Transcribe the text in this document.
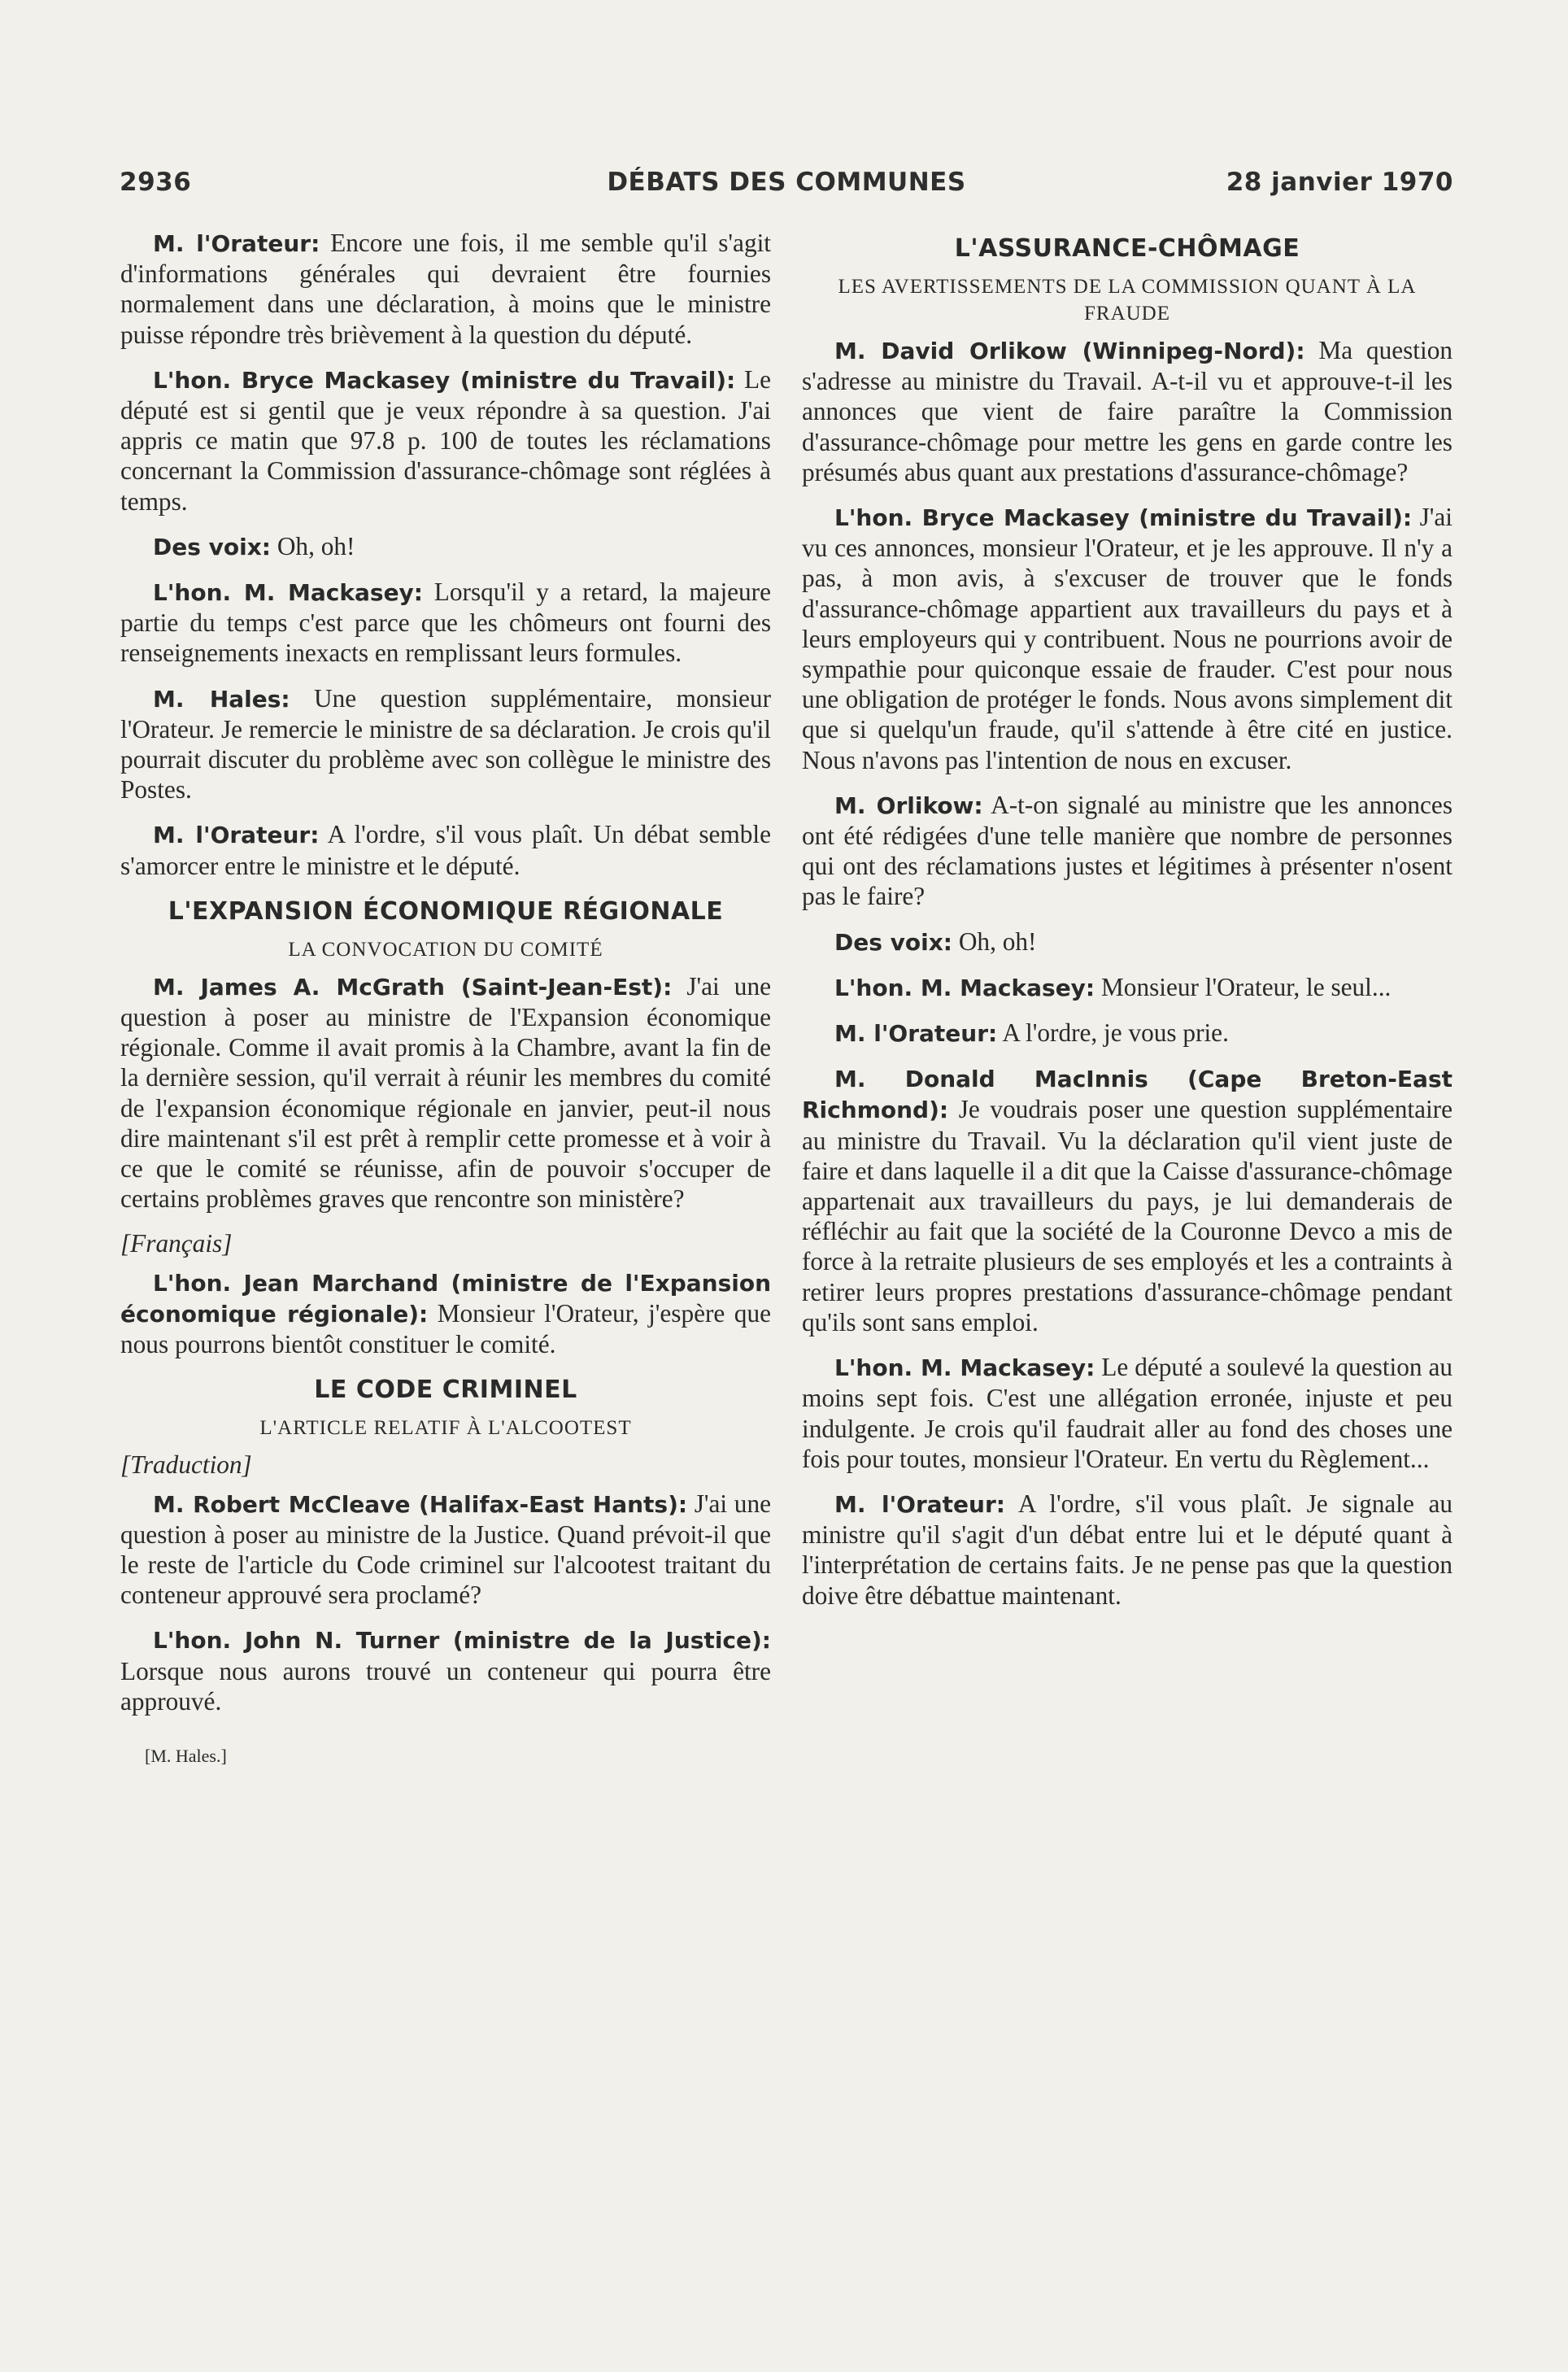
2936	DÉBATS DES COMMUNES	28 janvier 1970

M. l'Orateur: Encore une fois, il me semble qu'il s'agit d'informations générales qui devraient être fournies normalement dans une déclaration, à moins que le ministre puisse répondre très brièvement à la question du député.

L'hon. Bryce Mackasey (ministre du Travail): Le député est si gentil que je veux répondre à sa question. J'ai appris ce matin que 97.8 p. 100 de toutes les réclamations concernant la Commission d'assurance-chômage sont réglées à temps.

Des voix: Oh, oh!

L'hon. M. Mackasey: Lorsqu'il y a retard, la majeure partie du temps c'est parce que les chômeurs ont fourni des renseignements inexacts en remplissant leurs formules.

M. Hales: Une question supplémentaire, monsieur l'Orateur. Je remercie le ministre de sa déclaration. Je crois qu'il pourrait discuter du problème avec son collègue le ministre des Postes.

M. l'Orateur: A l'ordre, s'il vous plaît. Un débat semble s'amorcer entre le ministre et le député.

L'EXPANSION ÉCONOMIQUE RÉGIONALE
LA CONVOCATION DU COMITÉ

M. James A. McGrath (Saint-Jean-Est): J'ai une question à poser au ministre de l'Expansion économique régionale. Comme il avait promis à la Chambre, avant la fin de la dernière session, qu'il verrait à réunir les membres du comité de l'expansion économique régionale en janvier, peut-il nous dire maintenant s'il est prêt à remplir cette promesse et à voir à ce que le comité se réunisse, afin de pouvoir s'occuper de certains problèmes graves que rencontre son ministère?

[Français]

L'hon. Jean Marchand (ministre de l'Expansion économique régionale): Monsieur l'Orateur, j'espère que nous pourrons bientôt constituer le comité.

LE CODE CRIMINEL
L'ARTICLE RELATIF À L'ALCOOTEST
[Traduction]

M. Robert McCleave (Halifax-East Hants): J'ai une question à poser au ministre de la Justice. Quand prévoit-il que le reste de l'article du Code criminel sur l'alcootest traitant du conteneur approuvé sera proclamé?

L'hon. John N. Turner (ministre de la Justice): Lorsque nous aurons trouvé un conteneur qui pourra être approuvé.

[M. Hales.]
L'ASSURANCE-CHÔMAGE
LES AVERTISSEMENTS DE LA COMMISSION QUANT À LA FRAUDE

M. David Orlikow (Winnipeg-Nord): Ma question s'adresse au ministre du Travail. A-t-il vu et approuve-t-il les annonces que vient de faire paraître la Commission d'assurance-chômage pour mettre les gens en garde contre les présumés abus quant aux prestations d'assurance-chômage?

L'hon. Bryce Mackasey (ministre du Travail): J'ai vu ces annonces, monsieur l'Orateur, et je les approuve. Il n'y a pas, à mon avis, à s'excuser de trouver que le fonds d'assurance-chômage appartient aux travailleurs du pays et à leurs employeurs qui y contribuent. Nous ne pourrions avoir de sympathie pour quiconque essaie de frauder. C'est pour nous une obligation de protéger le fonds. Nous avons simplement dit que si quelqu'un fraude, qu'il s'attende à être cité en justice. Nous n'avons pas l'intention de nous en excuser.

M. Orlikow: A-t-on signalé au ministre que les annonces ont été rédigées d'une telle manière que nombre de personnes qui ont des réclamations justes et légitimes à présenter n'osent pas le faire?

Des voix: Oh, oh!

L'hon. M. Mackasey: Monsieur l'Orateur, le seul...

M. l'Orateur: A l'ordre, je vous prie.

M. Donald MacInnis (Cape Breton-East Richmond): Je voudrais poser une question supplémentaire au ministre du Travail. Vu la déclaration qu'il vient juste de faire et dans laquelle il a dit que la Caisse d'assurance-chômage appartenait aux travailleurs du pays, je lui demanderais de réfléchir au fait que la société de la Couronne Devco a mis de force à la retraite plusieurs de ses employés et les a contraints à retirer leurs propres prestations d'assurance-chômage pendant qu'ils sont sans emploi.

L'hon. M. Mackasey: Le député a soulevé la question au moins sept fois. C'est une allégation erronée, injuste et peu indulgente. Je crois qu'il faudrait aller au fond des choses une fois pour toutes, monsieur l'Orateur. En vertu du Règlement...

M. l'Orateur: A l'ordre, s'il vous plaît. Je signale au ministre qu'il s'agit d'un débat entre lui et le député quant à l'interprétation de certains faits. Je ne pense pas que la question doive être débattue maintenant.
